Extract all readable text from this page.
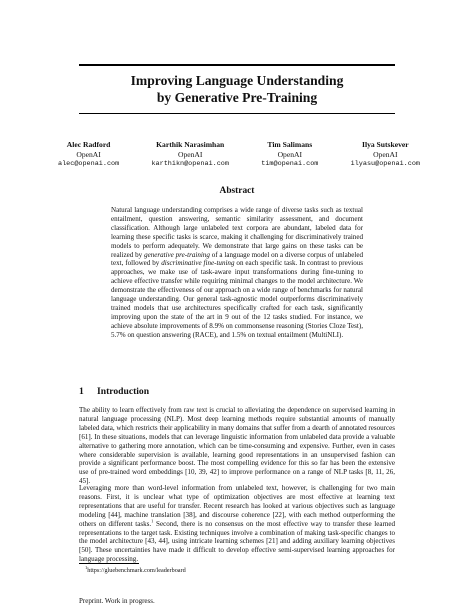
Improving Language Understanding
by Generative Pre-Training
Alec Radford
OpenAI
alec@openai.com
Karthik Narasimhan
OpenAI
karthikn@openai.com
Tim Salimans
OpenAI
tim@openai.com
Ilya Sutskever
OpenAI
ilyasu@openai.com
Abstract

Natural language understanding comprises a wide range of diverse tasks such as textual entailment, question answering, semantic similarity assessment, and document classification. Although large unlabeled text corpora are abundant, labeled data for learning these specific tasks is scarce, making it challenging for discriminatively trained models to perform adequately. We demonstrate that large gains on these tasks can be realized by generative pre-training of a language model on a diverse corpus of unlabeled text, followed by discriminative fine-tuning on each specific task. In contrast to previous approaches, we make use of task-aware input transformations during fine-tuning to achieve effective transfer while requiring minimal changes to the model architecture. We demonstrate the effectiveness of our approach on a wide range of benchmarks for natural language understanding. Our general task-agnostic model outperforms discriminatively trained models that use architectures specifically crafted for each task, significantly improving upon the state of the art in 9 out of the 12 tasks studied. For instance, we achieve absolute improvements of 8.9% on commonsense reasoning (Stories Cloze Test), 5.7% on question answering (RACE), and 1.5% on textual entailment (MultiNLI).

1 Introduction

The ability to learn effectively from raw text is crucial to alleviating the dependence on supervised learning in natural language processing (NLP). Most deep learning methods require substantial amounts of manually labeled data, which restricts their applicability in many domains that suffer from a dearth of annotated resources [61]. In these situations, models that can leverage linguistic information from unlabeled data provide a valuable alternative to gathering more annotation, which can be time-consuming and expensive. Further, even in cases where considerable supervision is available, learning good representations in an unsupervised fashion can provide a significant performance boost. The most compelling evidence for this so far has been the extensive use of pre-trained word embeddings [10, 39, 42] to improve performance on a range of NLP tasks [8, 11, 26, 45].

Leveraging more than word-level information from unlabeled text, however, is challenging for two main reasons. First, it is unclear what type of optimization objectives are most effective at learning text representations that are useful for transfer. Recent research has looked at various objectives such as language modeling [44], machine translation [38], and discourse coherence [22], with each method outperforming the others on different tasks.$^1$ Second, there is no consensus on the most effective way to transfer these learned representations to the target task. Existing techniques involve a combination of making task-specific changes to the model architecture [43, 44], using intricate learning schemes [21] and adding auxiliary learning objectives [50]. These uncertainties have made it difficult to develop effective semi-supervised learning approaches for language processing.

$^1$https://gluebenchmark.com/leaderboard

Preprint. Work in progress.
